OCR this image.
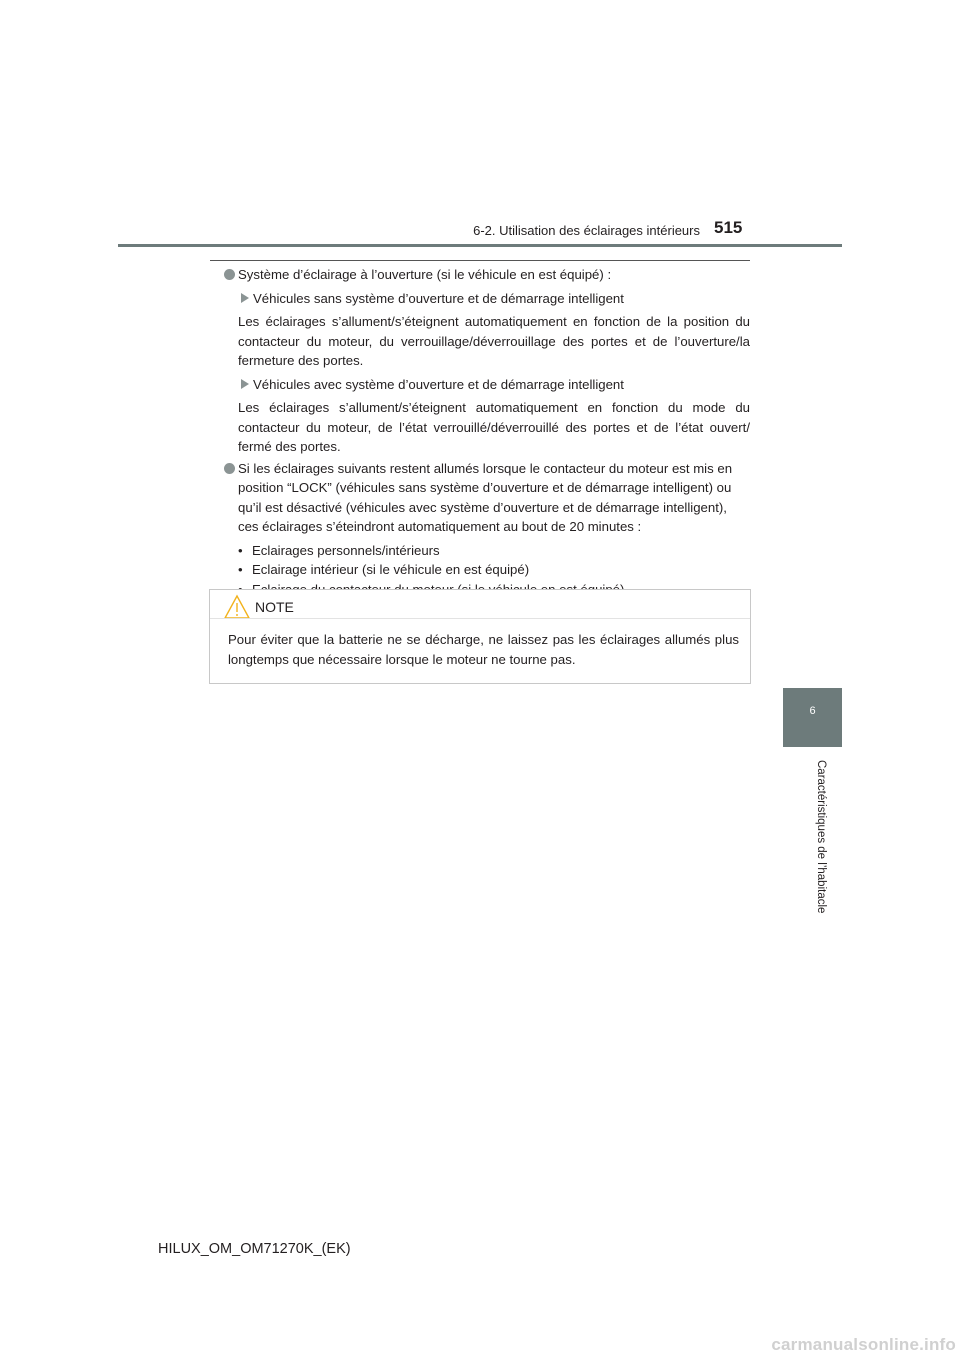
6-2. Utilisation des éclairages intérieurs 515
6
Caractéristiques de l’habitacle
Système d’éclairage à l’ouverture (si le véhicule en est équipé) :
Véhicules sans système d’ouverture et de démarrage intelligent
Les éclairages s’allument/s’éteignent automatiquement en fonction de la position du contacteur du moteur, du verrouillage/déverrouillage des portes et de l’ouverture/la fermeture des portes.
Véhicules avec système d’ouverture et de démarrage intelligent
Les éclairages s’allument/s’éteignent automatiquement en fonction du mode du contacteur du moteur, de l’état verrouillé/déverrouillé des portes et de l’état ouvert/ fermé des portes.
Si les éclairages suivants restent allumés lorsque le contacteur du moteur est mis en position “LOCK” (véhicules sans système d’ouverture et de démarrage intelligent) ou qu’il est désactivé (véhicules avec système d’ouverture et de démarrage intelligent), ces éclairages s’éteindront automatiquement au bout de 20 minutes :
• Eclairages personnels/intérieurs
• Eclairage intérieur (si le véhicule en est équipé)
•
NOTE
Pour éviter que la batterie ne se décharge, ne laissez pas les éclairages allumés plus longtemps que nécessaire lorsque le moteur ne tourne pas.
HILUX_OM_OM71270K_(EK)
carmanualsonline.info
